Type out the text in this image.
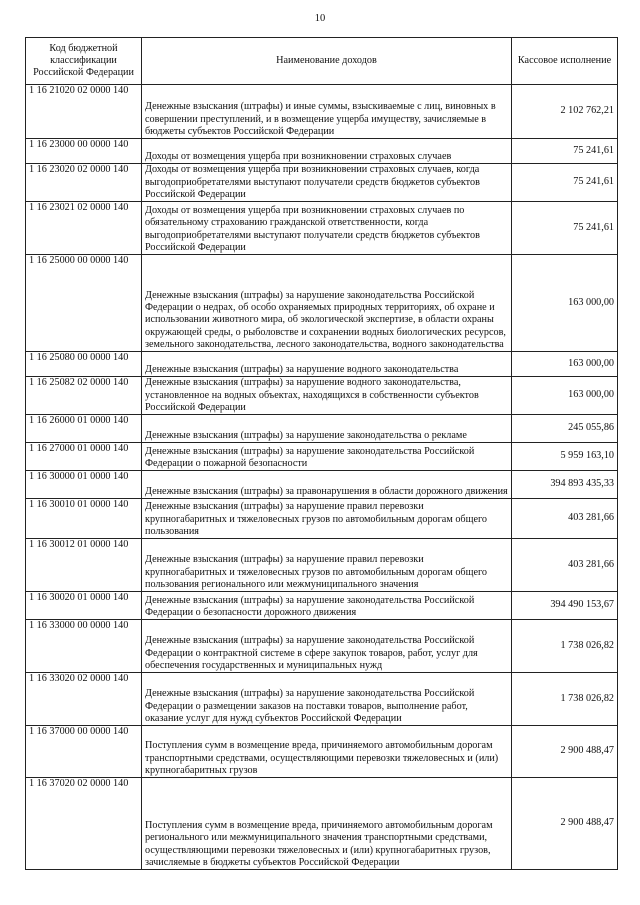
10
Код бюджетной классификации Российской Федерации	Наименование доходов	Кассовое исполнение
1 16 21020 02 0000 140	Денежные взыскания (штрафы) и иные суммы, взыскиваемые с лиц, виновных в совершении преступлений, и в возмещение ущерба имуществу, зачисляемые в бюджеты субъектов Российской Федерации	2 102 762,21
1 16 23000 00 0000 140	Доходы от возмещения ущерба при возникновении страховых случаев	75 241,61
1 16 23020 02 0000 140	Доходы от возмещения ущерба при возникновении страховых случаев, когда выгодоприобретателями выступают получатели средств бюджетов субъектов Российской Федерации	75 241,61
1 16 23021 02 0000 140	Доходы от возмещения ущерба при возникновении страховых случаев по обязательному страхованию гражданской ответственности, когда выгодоприобретателями выступают получатели средств бюджетов субъектов Российской Федерации	75 241,61
1 16 25000 00 0000 140	Денежные взыскания (штрафы) за нарушение законодательства Российской Федерации о недрах, об особо охраняемых природных территориях, об охране и использовании животного мира, об экологической экспертизе, в области охраны окружающей среды, о рыболовстве и сохранении водных биологических ресурсов, земельного законодательства, лесного законодательства, водного законодательства	163 000,00
1 16 25080 00 0000 140	Денежные взыскания (штрафы) за нарушение водного законодательства	163 000,00
1 16 25082 02 0000 140	Денежные взыскания (штрафы) за нарушение водного законодательства, установленное на водных объектах, находящихся в собственности субъектов Российской Федерации	163 000,00
1 16 26000 01 0000 140	Денежные взыскания (штрафы) за нарушение законодательства о рекламе	245 055,86
1 16 27000 01 0000 140	Денежные взыскания (штрафы) за нарушение законодательства Российской Федерации о пожарной безопасности	5 959 163,10
1 16 30000 01 0000 140	Денежные взыскания (штрафы) за правонарушения в области дорожного движения	394 893 435,33
1 16 30010 01 0000 140	Денежные взыскания (штрафы) за нарушение правил перевозки крупногабаритных и тяжеловесных грузов по автомобильным дорогам общего пользования	403 281,66
1 16 30012 01 0000 140	Денежные взыскания (штрафы) за нарушение правил перевозки крупногабаритных и тяжеловесных грузов по автомобильным дорогам общего пользования регионального или межмуниципального значения	403 281,66
1 16 30020 01 0000 140	Денежные взыскания (штрафы) за нарушение законодательства Российской Федерации о безопасности дорожного движения	394 490 153,67
1 16 33000 00 0000 140	Денежные взыскания (штрафы) за нарушение законодательства Российской Федерации о контрактной системе в сфере закупок товаров, работ, услуг для обеспечения государственных и муниципальных нужд	1 738 026,82
1 16 33020 02 0000 140	Денежные взыскания (штрафы) за нарушение законодательства Российской Федерации о размещении заказов на поставки товаров, выполнение работ, оказание услуг для нужд субъектов Российской Федерации	1 738 026,82
1 16 37000 00 0000 140	Поступления сумм в возмещение вреда, причиняемого автомобильным дорогам транспортными средствами, осуществляющими перевозки тяжеловесных и (или) крупногабаритных грузов	2 900 488,47
1 16 37020 02 0000 140	Поступления сумм в возмещение вреда, причиняемого автомобильным дорогам регионального или межмуниципального значения транспортными средствами, осуществляющими перевозки тяжеловесных и (или) крупногабаритных грузов, зачисляемые в бюджеты субъектов Российской Федерации	2 900 488,47
